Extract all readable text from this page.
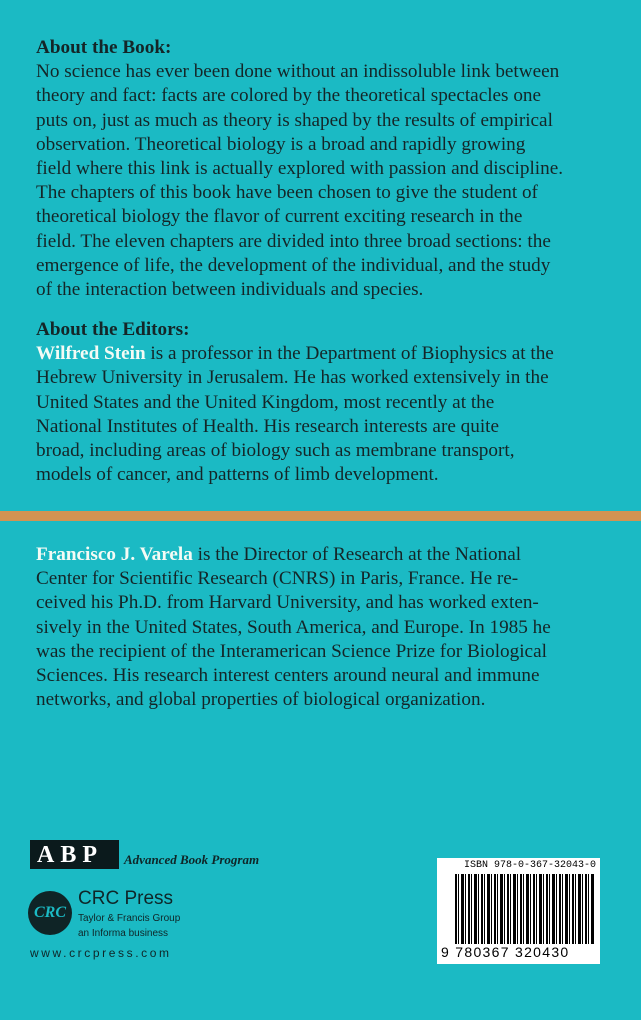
About the Book:
No science has ever been done without an indissoluble link between
theory and fact: facts are colored by the theoretical spectacles one
puts on, just as much as theory is shaped by the results of empirical
observation. Theoretical biology is a broad and rapidly growing
field where this link is actually explored with passion and discipline.
The chapters of this book have been chosen to give the student of
theoretical biology the flavor of current exciting research in the
field. The eleven chapters are divided into three broad sections: the
emergence of life, the development of the individual, and the study
of the interaction between individuals and species.
About the Editors:
Wilfred Stein is a professor in the Department of Biophysics at the
Hebrew University in Jerusalem. He has worked extensively in the
United States and the United Kingdom, most recently at the
National Institutes of Health. His research interests are quite
broad, including areas of biology such as membrane transport,
models of cancer, and patterns of limb development.
Francisco J. Varela is the Director of Research at the National
Center for Scientific Research (CNRS) in Paris, France. He re-
ceived his Ph.D. from Harvard University, and has worked exten-
sively in the United States, South America, and Europe. In 1985 he
was the recipient of the Interamerican Science Prize for Biological
Sciences. His research interest centers around neural and immune
networks, and global properties of biological organization.
ABP	Advanced Book Program
CRC
CRC Press
Taylor & Francis Group
an Informa business
www.crcpress.com
ISBN 978-0-367-32043-0
9 780367 320430
